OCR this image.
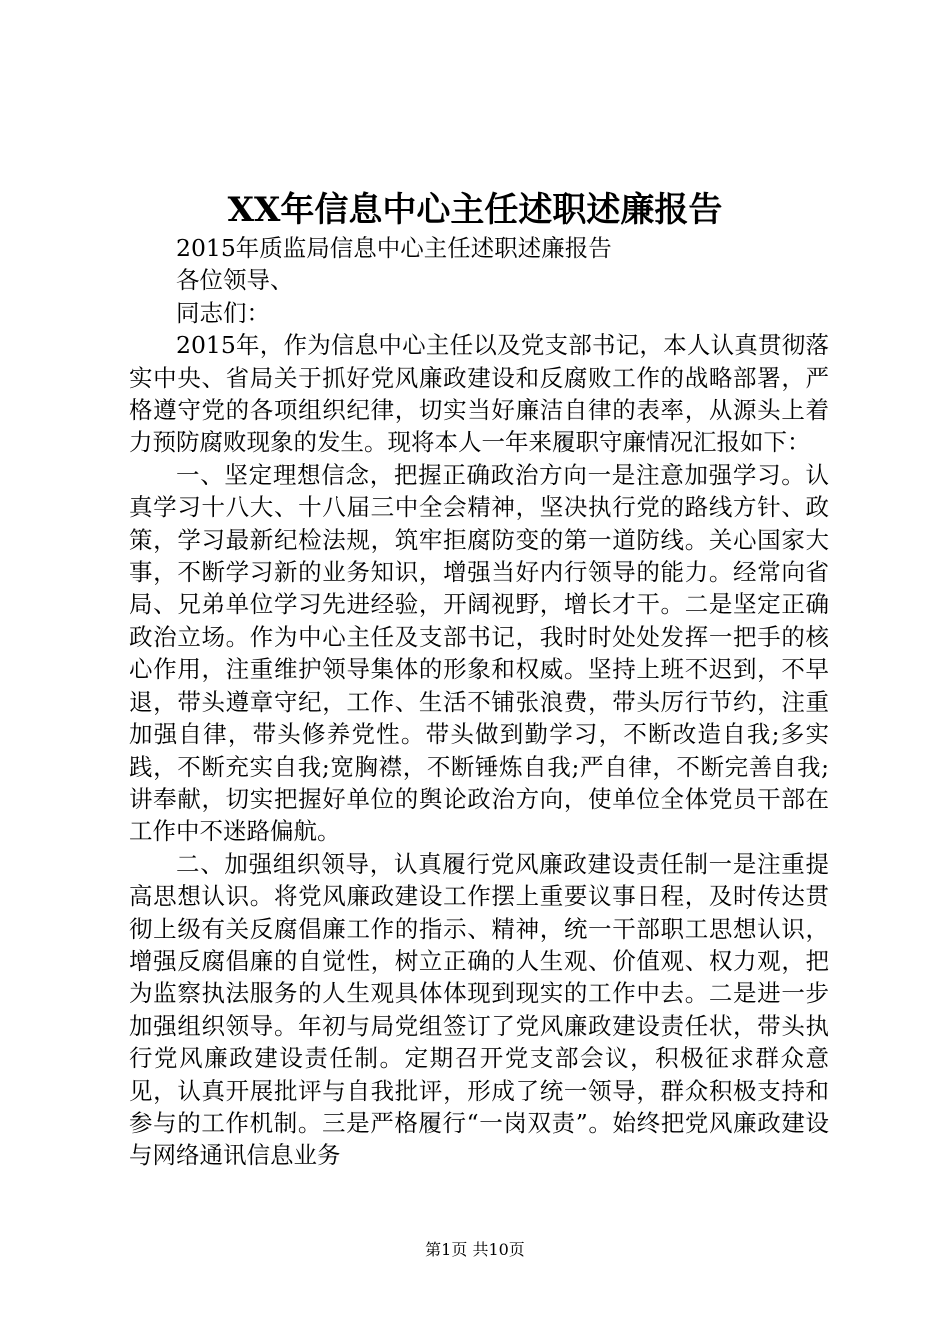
XX年信息中心主任述职述廉报告

2015年质监局信息中心主任述职述廉报告

各位领导、

同志们：

2015年，作为信息中心主任以及党支部书记，本人认真贯彻落实中央、省局关于抓好党风廉政建设和反腐败工作的战略部署，严格遵守党的各项组织纪律，切实当好廉洁自律的表率，从源头上着力预防腐败现象的发生。现将本人一年来履职守廉情况汇报如下：

一、坚定理想信念，把握正确政治方向一是注意加强学习。认真学习十八大、十八届三中全会精神，坚决执行党的路线方针、政策，学习最新纪检法规，筑牢拒腐防变的第一道防线。关心国家大事，不断学习新的业务知识，增强当好内行领导的能力。经常向省局、兄弟单位学习先进经验，开阔视野，增长才干。二是坚定正确政治立场。作为中心主任及支部书记，我时时处处发挥一把手的核心作用，注重维护领导集体的形象和权威。坚持上班不迟到，不早退，带头遵章守纪，工作、生活不铺张浪费，带头厉行节约，注重加强自律，带头修养党性。带头做到勤学习，不断改造自我;多实践，不断充实自我;宽胸襟，不断锤炼自我;严自律，不断完善自我;讲奉献，切实把握好单位的舆论政治方向，使单位全体党员干部在工作中不迷路偏航。

二、加强组织领导，认真履行党风廉政建设责任制一是注重提高思想认识。将党风廉政建设工作摆上重要议事日程，及时传达贯彻上级有关反腐倡廉工作的指示、精神，统一干部职工思想认识，增强反腐倡廉的自觉性，树立正确的人生观、价值观、权力观，把为监察执法服务的人生观具体体现到现实的工作中去。二是进一步加强组织领导。年初与局党组签订了党风廉政建设责任状，带头执行党风廉政建设责任制。定期召开党支部会议，积极征求群众意见，认真开展批评与自我批评，形成了统一领导，群众积极支持和参与的工作机制。三是严格履行“一岗双责”。始终把党风廉政建设与网络通讯信息业务

第1页 共10页
